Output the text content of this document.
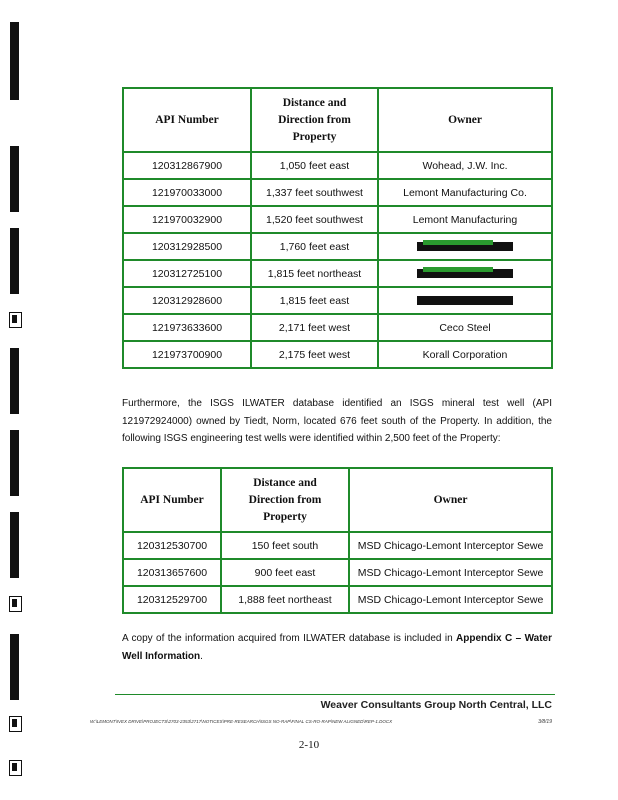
API Number	Distance and Direction from Property	Owner
120312867900	1,050 feet east	Wohead, J.W. Inc.
121970033000	1,337 feet southwest	Lemont Manufacturing Co.
121970032900	1,520 feet southwest	Lemont Manufacturing
120312928500	1,760 feet east	

120312725100	1,815 feet northeast	

120312928600	1,815 feet east	
121973633600	2,171 feet west	Ceco Steel
121973700900	2,175 feet west	Korall Corporation

Furthermore, the ISGS ILWATER database identified an ISGS mineral test well (API 121972924000) owned by Tiedt, Norm, located 676 feet south of the Property. In addition, the following ISGS engineering test wells were identified within 2,500 feet of the Property:

API Number	Distance and Direction from Property	Owner
120312530700	150 feet south	MSD Chicago-Lemont Interceptor Sewe
120313657600	900 feet east	MSD Chicago-Lemont Interceptor Sewe
120312529700	1,888 feet northeast	MSD Chicago-Lemont Interceptor Sewe

A copy of the information acquired from ILWATER database is included in Appendix C – Water Well Information.

Weaver Consultants Group North Central, LLC
W:\LEMONT\IVEX DRIVE\PROJECTS\2703-2353\2717\NOTICES\PRE-RESEARCH\ISGS NO-RAP\FINAL CS-RO-RAP\NEW ALIGNED\REP-1.DOCX	3/8/19
2-10
